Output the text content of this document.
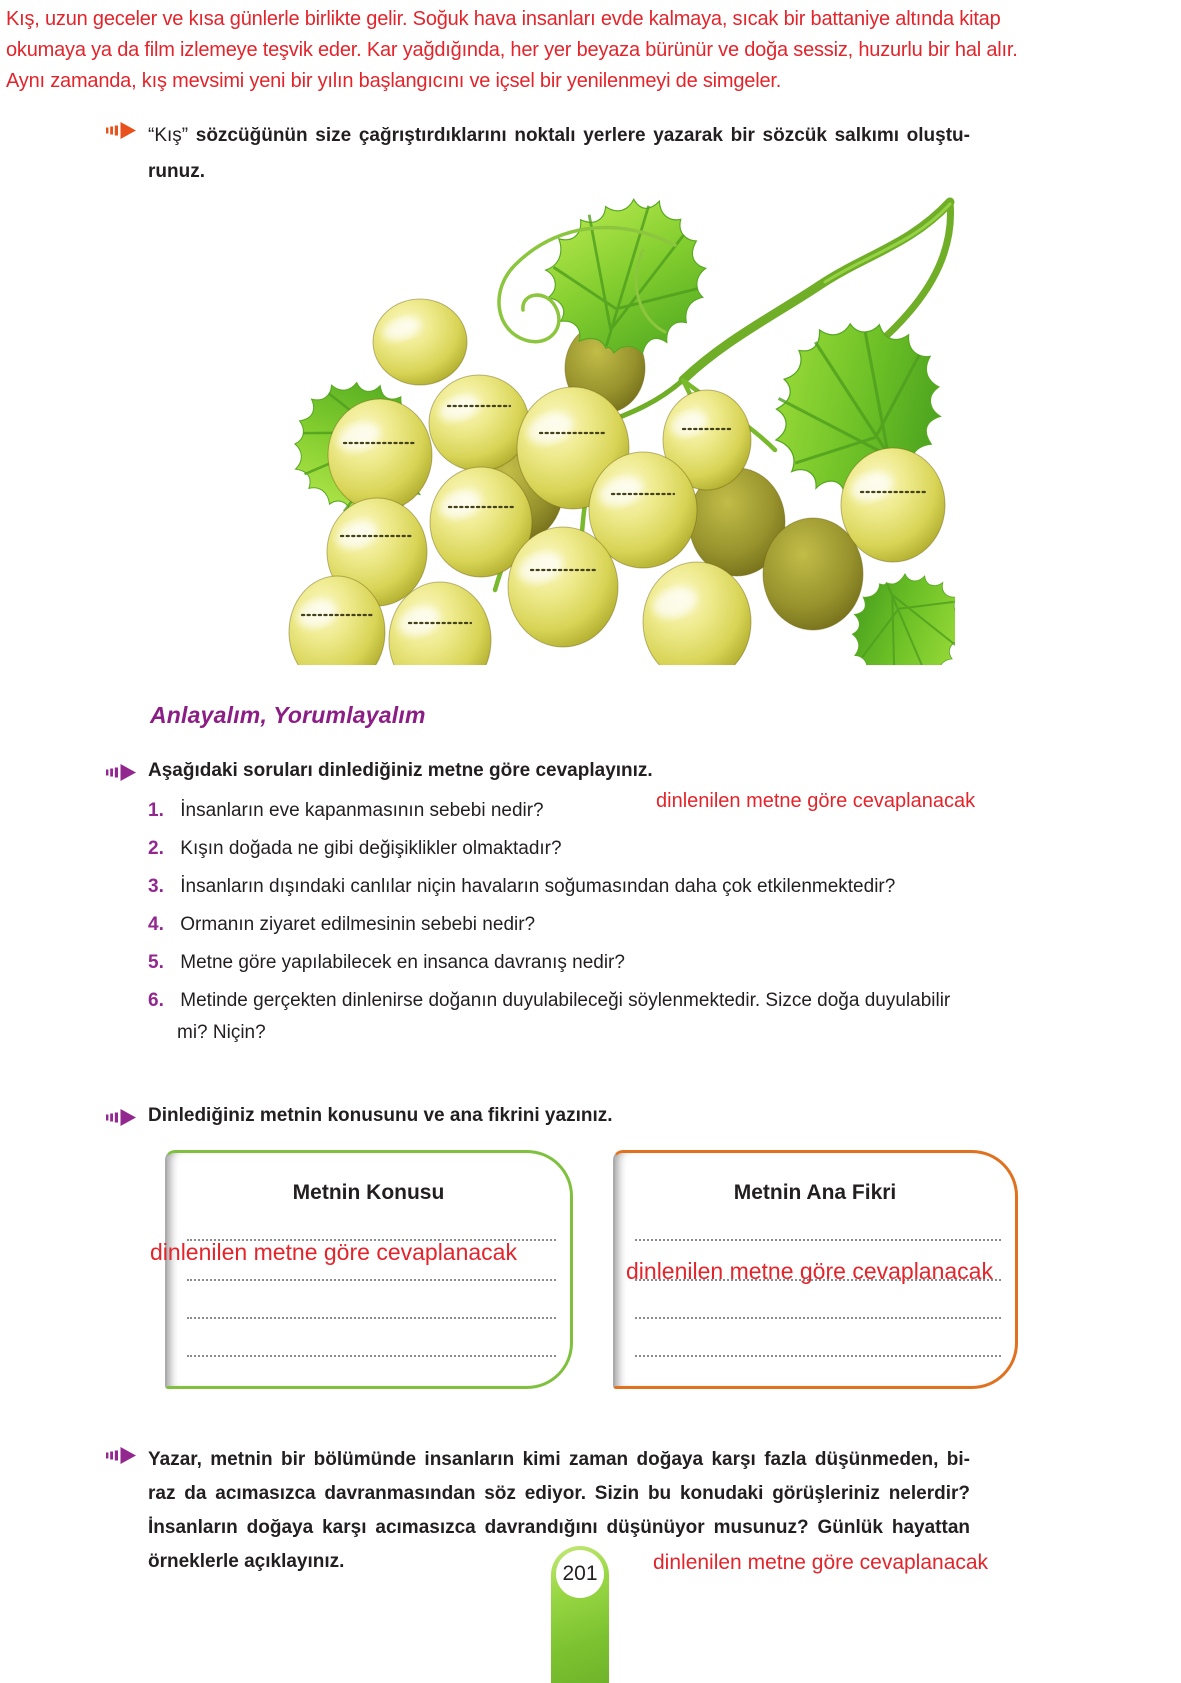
Kış, uzun geceler ve kısa günlerle birlikte gelir. Soğuk hava insanları evde kalmaya, sıcak bir battaniye altında kitap
okumaya ya da film izlemeye teşvik eder. Kar yağdığında, her yer beyaza bürünür ve doğa sessiz, huzurlu bir hal alır.
Aynı zamanda, kış mevsimi yeni bir yılın başlangıcını ve içsel bir yenilenmeyi de simgeler.
“Kış” sözcüğünün size çağrıştırdıklarını noktalı yerlere yazarak bir sözcük salkımı oluştu-
runuz.
Anlayalım, Yorumlayalım
Aşağıdaki soruları dinlediğiniz metne göre cevaplayınız.
1. İnsanların eve kapanmasının sebebi nedir?
2. Kışın doğada ne gibi değişiklikler olmaktadır?
3. İnsanların dışındaki canlılar niçin havaların soğumasından daha çok etkilenmektedir?
4. Ormanın ziyaret edilmesinin sebebi nedir?
5. Metne göre yapılabilecek en insanca davranış nedir?
6. Metinde gerçekten dinlenirse doğanın duyulabileceği söylenmektedir. Sizce doğa duyulabilir
mi? Niçin?
dinlenilen metne göre cevaplanacak
Dinlediğiniz metnin konusunu ve ana fikrini yazınız.
Metnin Konusu	Metnin Ana Fikri
dinlenilen metne göre cevaplanacak
dinlenilen metne göre cevaplanacak
Yazar, metnin bir bölümünde insanların kimi zaman doğaya karşı fazla düşünmeden, bi-
raz da acımasızca davranmasından söz ediyor. Sizin bu konudaki görüşleriniz nelerdir?
İnsanların doğaya karşı acımasızca davrandığını düşünüyor musunuz? Günlük hayattan
örneklerle açıklayınız.	dinlenilen metne göre cevaplanacak
201
